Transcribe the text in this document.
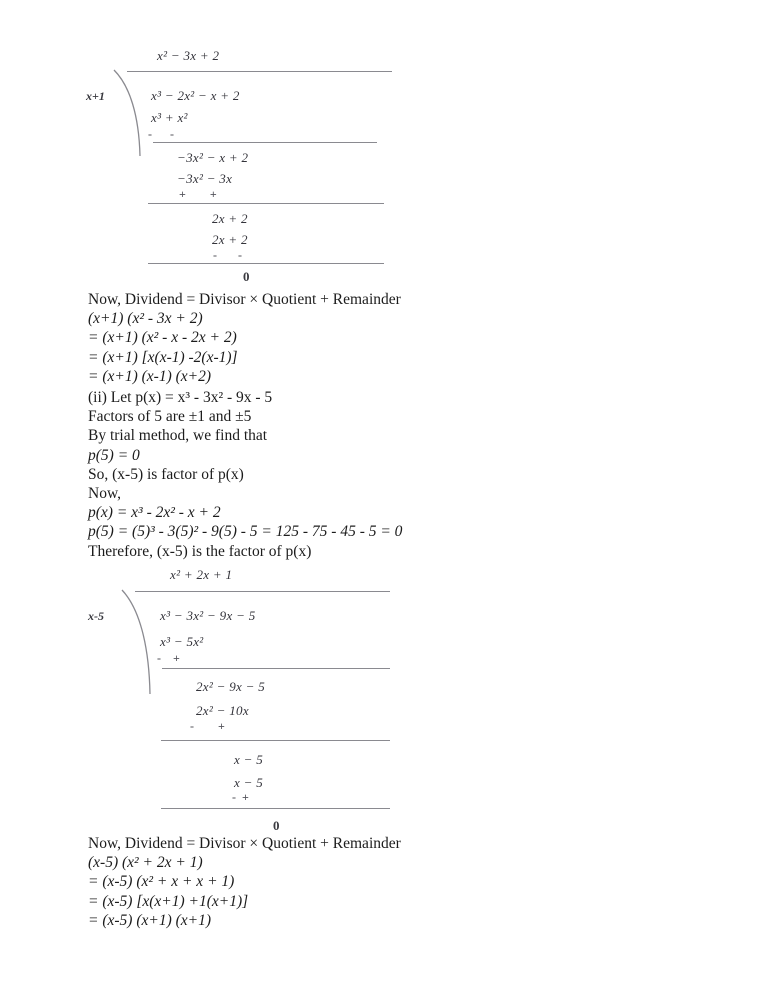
x² − 3x + 2
x+1	x³ − 2x² − x + 2
x³ + x²
-      -
−3x² − x + 2
−3x² − 3x
+        +
2x + 2
2x + 2
-       -
0
Now, Dividend = Divisor × Quotient + Remainder
(x+1) (x² - 3x + 2)
= (x+1) (x² - x - 2x + 2)
= (x+1) [x(x-1) -2(x-1)]
= (x+1) (x-1) (x+2)
(ii) Let p(x) = x³ - 3x² - 9x - 5
Factors of 5 are ±1 and ±5
By trial method, we find that
p(5) = 0
So, (x-5) is factor of p(x)
Now,
p(x) = x³ - 2x² - x + 2
p(5) = (5)³ - 3(5)² - 9(5) - 5 = 125 - 75 - 45 - 5 = 0
Therefore, (x-5) is the factor of p(x)
x² + 2x + 1
x-5	x³ − 3x² − 9x − 5
x³ − 5x²
-    +
2x² − 9x − 5
2x² − 10x
-        +
x − 5
x − 5
-  +
0
Now, Dividend = Divisor × Quotient + Remainder
(x-5) (x² + 2x + 1)
= (x-5) (x² + x + x + 1)
= (x-5) [x(x+1) +1(x+1)]
= (x-5) (x+1) (x+1)
